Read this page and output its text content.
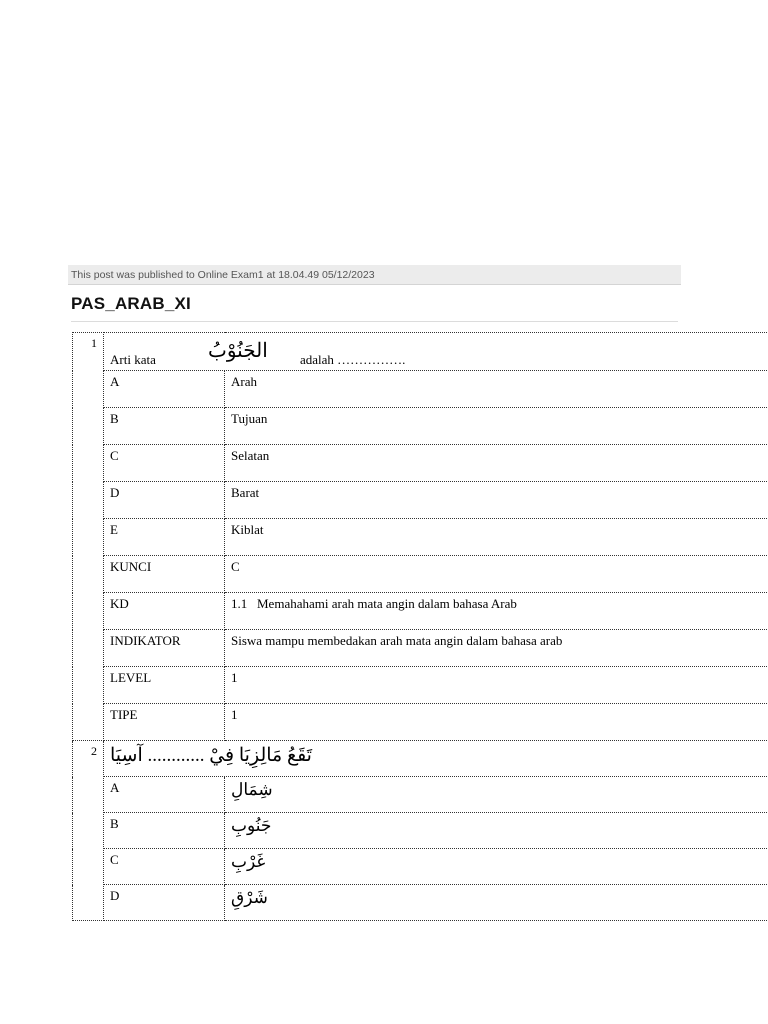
This post was published to Online Exam1 at 18.04.49 05/12/2023
PAS_ARAB_XI
1	Arti kata الجَنُوْبُ adalah …………….	

	A	Arah
	B	Tujuan
	C	Selatan
	D	Barat
	E	Kiblat
	KUNCI	C
	KD	1.1   Memahahami arah mata angin dalam bahasa Arab
	INDIKATOR	Siswa mampu membedakan arah mata angin dalam bahasa arab
	LEVEL	1
	TIPE	1
2	تَقَعُ مَالِزِيَا فِيْ ............ آسِيَا	
	A	شِمَالِ
	B	جَنُوبِ
	C	غَرْبِ
	D	شَرْقِ
